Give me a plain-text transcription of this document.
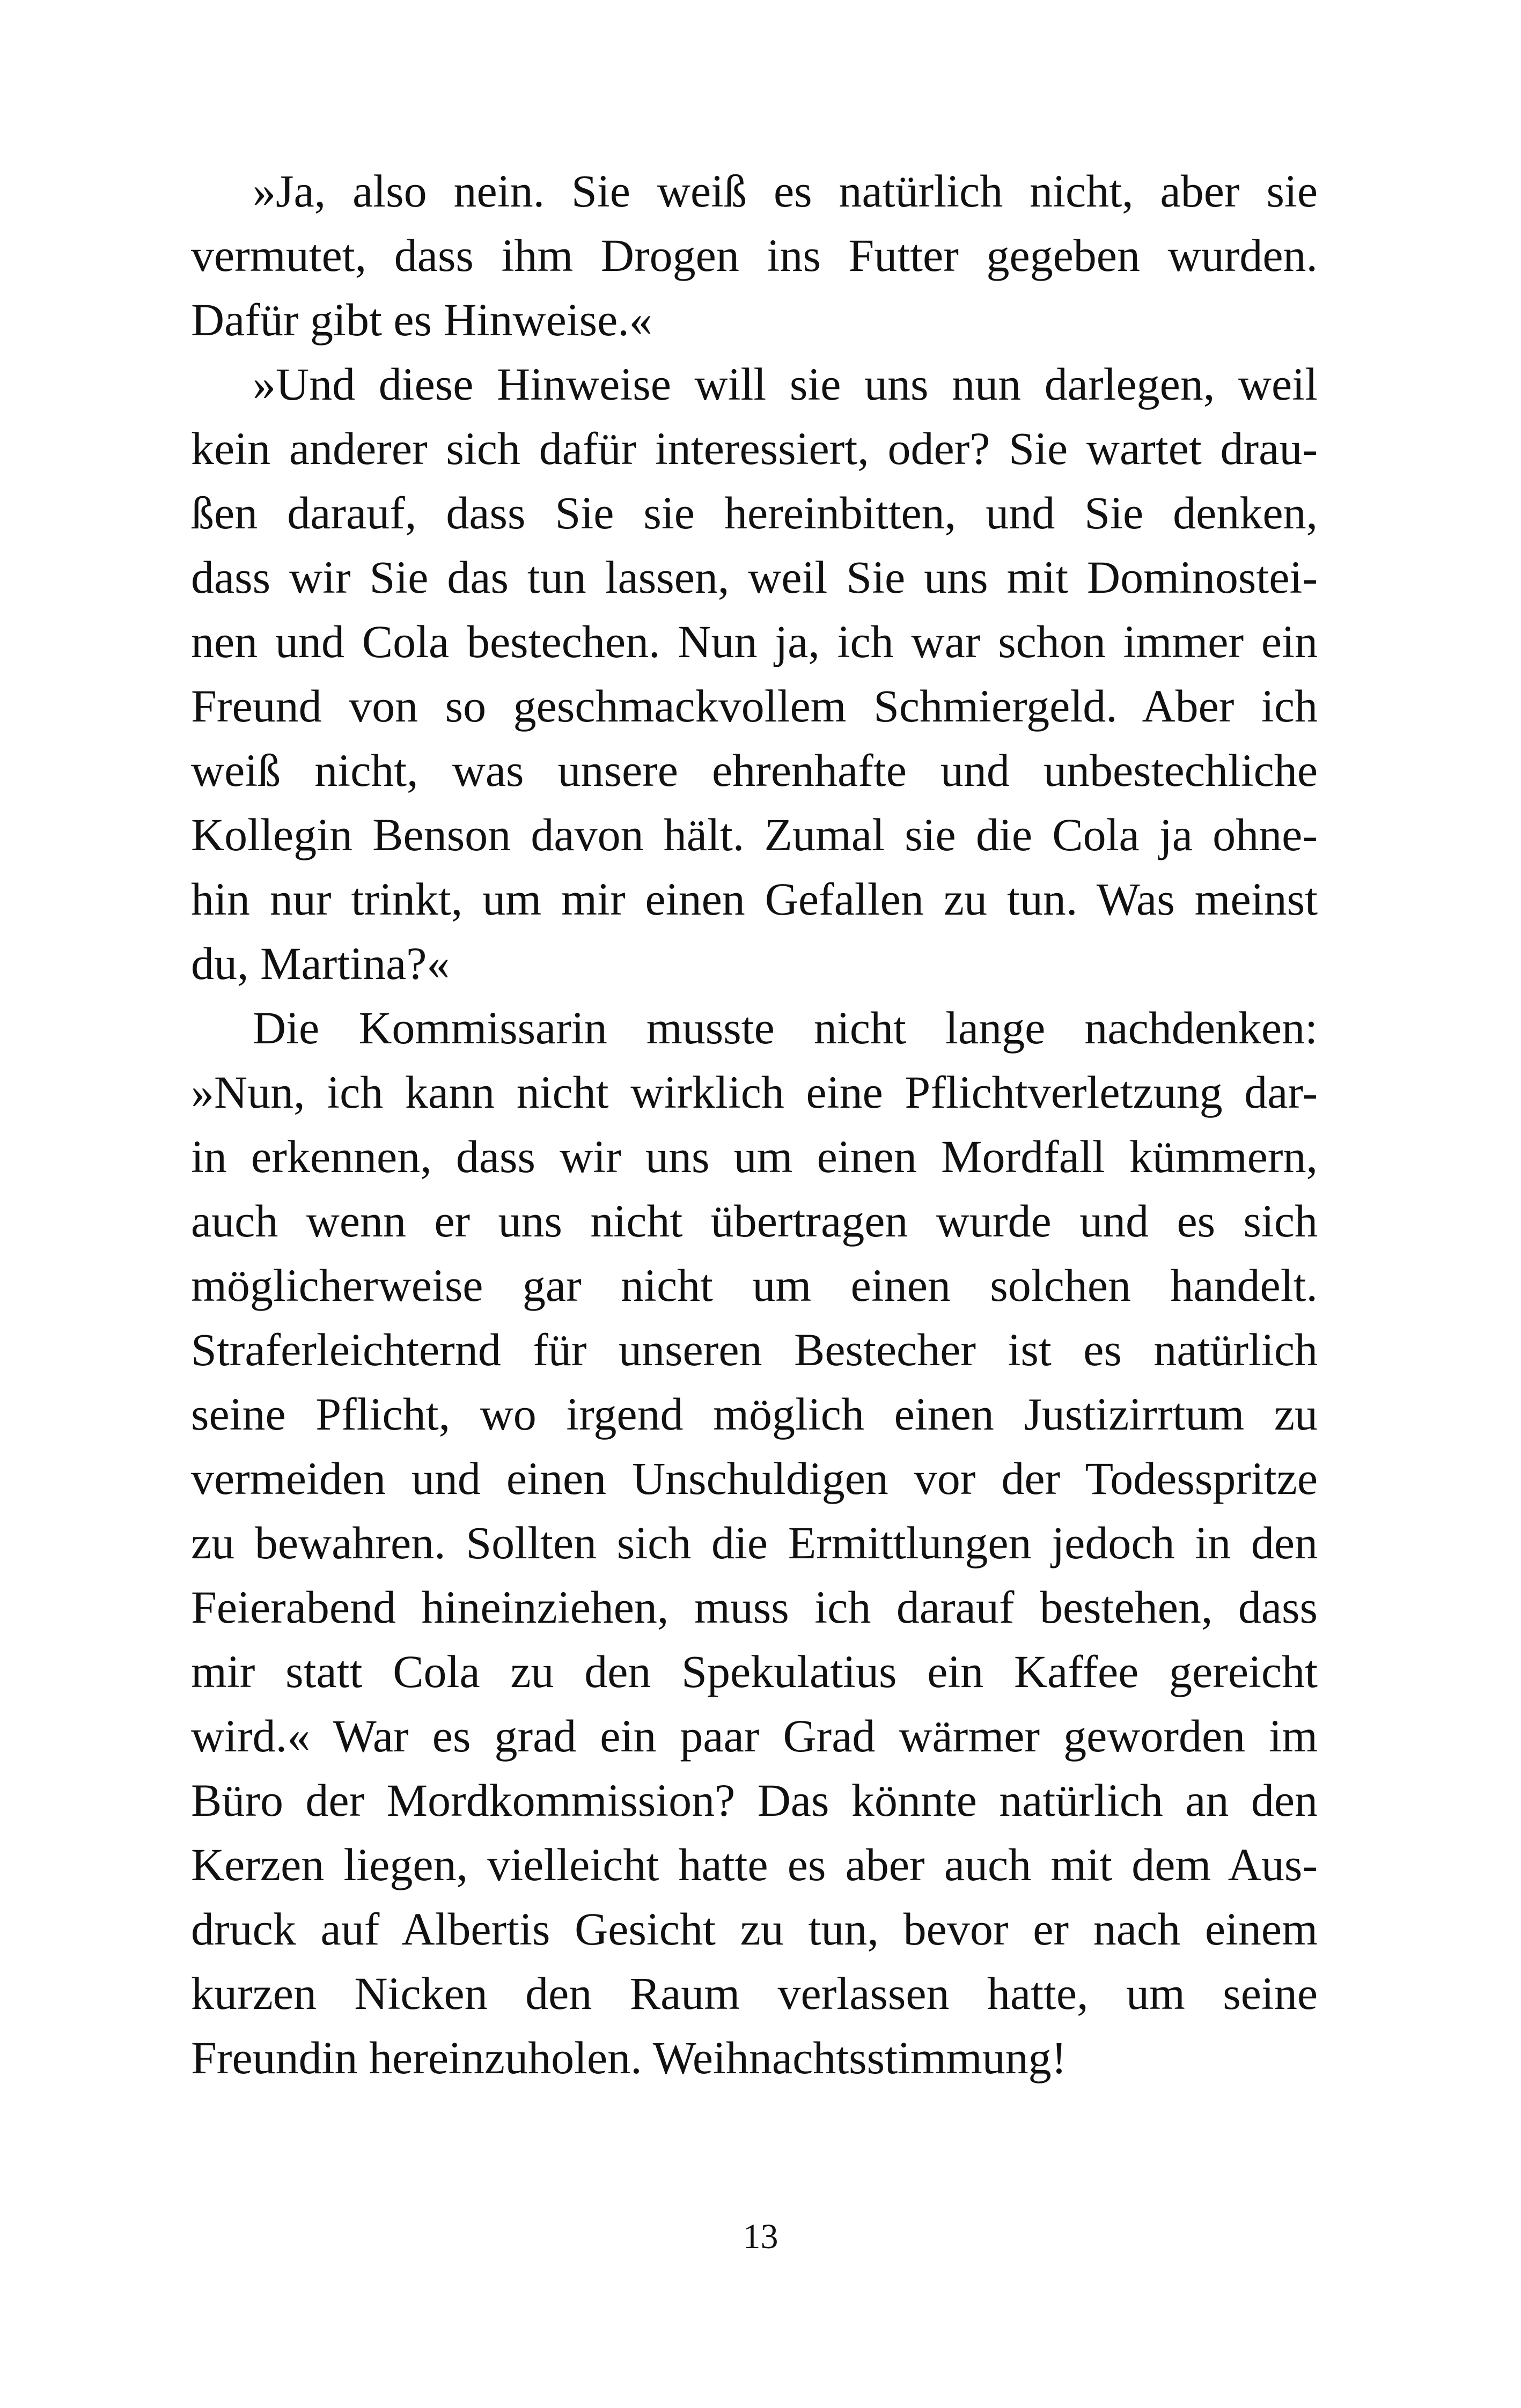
»Ja, also nein. Sie weiß es natürlich nicht, aber sie
vermutet, dass ihm Drogen ins Futter gegeben wurden.
Dafür gibt es Hinweise.«
»Und diese Hinweise will sie uns nun darlegen, weil
kein anderer sich dafür interessiert, oder? Sie wartet drau-
ßen darauf, dass Sie sie hereinbitten, und Sie denken,
dass wir Sie das tun lassen, weil Sie uns mit Dominostei-
nen und Cola bestechen. Nun ja, ich war schon immer ein
Freund von so geschmackvollem Schmiergeld. Aber ich
weiß nicht, was unsere ehrenhafte und unbestechliche
Kollegin Benson davon hält. Zumal sie die Cola ja ohne-
hin nur trinkt, um mir einen Gefallen zu tun. Was meinst
du, Martina?«
Die Kommissarin musste nicht lange nachdenken:
»Nun, ich kann nicht wirklich eine Pflichtverletzung dar-
in erkennen, dass wir uns um einen Mordfall kümmern,
auch wenn er uns nicht übertragen wurde und es sich
möglicherweise gar nicht um einen solchen handelt.
Straferleichternd für unseren Bestecher ist es natürlich
seine Pflicht, wo irgend möglich einen Justizirrtum zu
vermeiden und einen Unschuldigen vor der Todesspritze
zu bewahren. Sollten sich die Ermittlungen jedoch in den
Feierabend hineinziehen, muss ich darauf bestehen, dass
mir statt Cola zu den Spekulatius ein Kaffee gereicht
wird.« War es grad ein paar Grad wärmer geworden im
Büro der Mordkommission? Das könnte natürlich an den
Kerzen liegen, vielleicht hatte es aber auch mit dem Aus-
druck auf Albertis Gesicht zu tun, bevor er nach einem
kurzen Nicken den Raum verlassen hatte, um seine
Freundin hereinzuholen. Weihnachtsstimmung!
13
